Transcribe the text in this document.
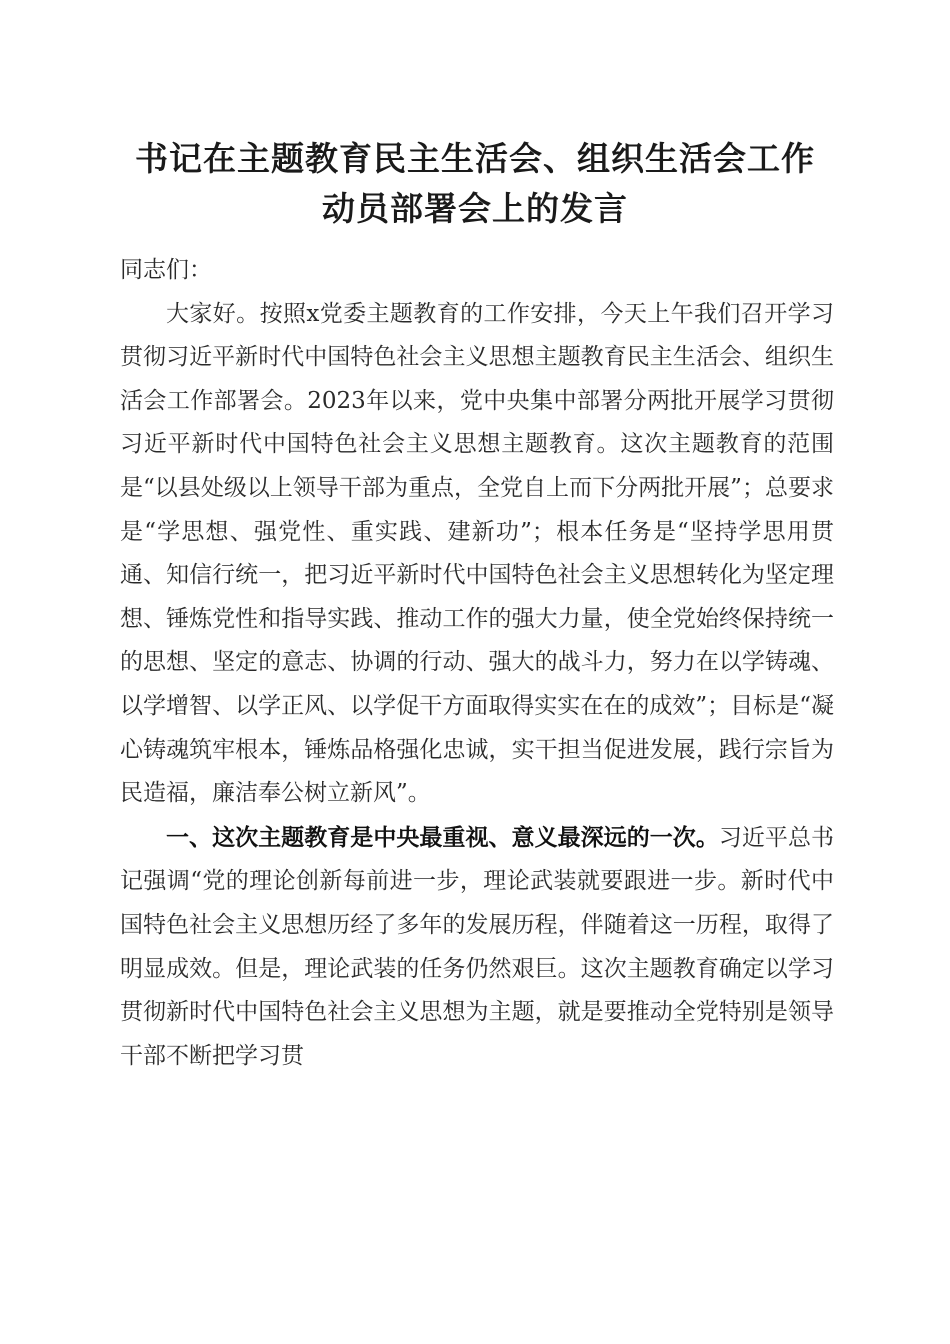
书记在主题教育民主生活会、组织生活会工作
动员部署会上的发言

同志们：

大家好。按照x党委主题教育的工作安排，今天上午我们召开学习贯彻习近平新时代中国特色社会主义思想主题教育民主生活会、组织生活会工作部署会。2023年以来，党中央集中部署分两批开展学习贯彻习近平新时代中国特色社会主义思想主题教育。这次主题教育的范围是“以县处级以上领导干部为重点，全党自上而下分两批开展”；总要求是“学思想、强党性、重实践、建新功”；根本任务是“坚持学思用贯通、知信行统一，把习近平新时代中国特色社会主义思想转化为坚定理想、锤炼党性和指导实践、推动工作的强大力量，使全党始终保持统一的思想、坚定的意志、协调的行动、强大的战斗力，努力在以学铸魂、以学增智、以学正风、以学促干方面取得实实在在的成效”；目标是“凝心铸魂筑牢根本，锤炼品格强化忠诚，实干担当促进发展，践行宗旨为民造福，廉洁奉公树立新风”。

一、这次主题教育是中央最重视、意义最深远的一次。习近平总书记强调“党的理论创新每前进一步，理论武装就要跟进一步。新时代中国特色社会主义思想历经了多年的发展历程，伴随着这一历程，取得了明显成效。但是，理论武装的任务仍然艰巨。这次主题教育确定以学习贯彻新时代中国特色社会主义思想为主题，就是要推动全党特别是领导干部不断把学习贯
